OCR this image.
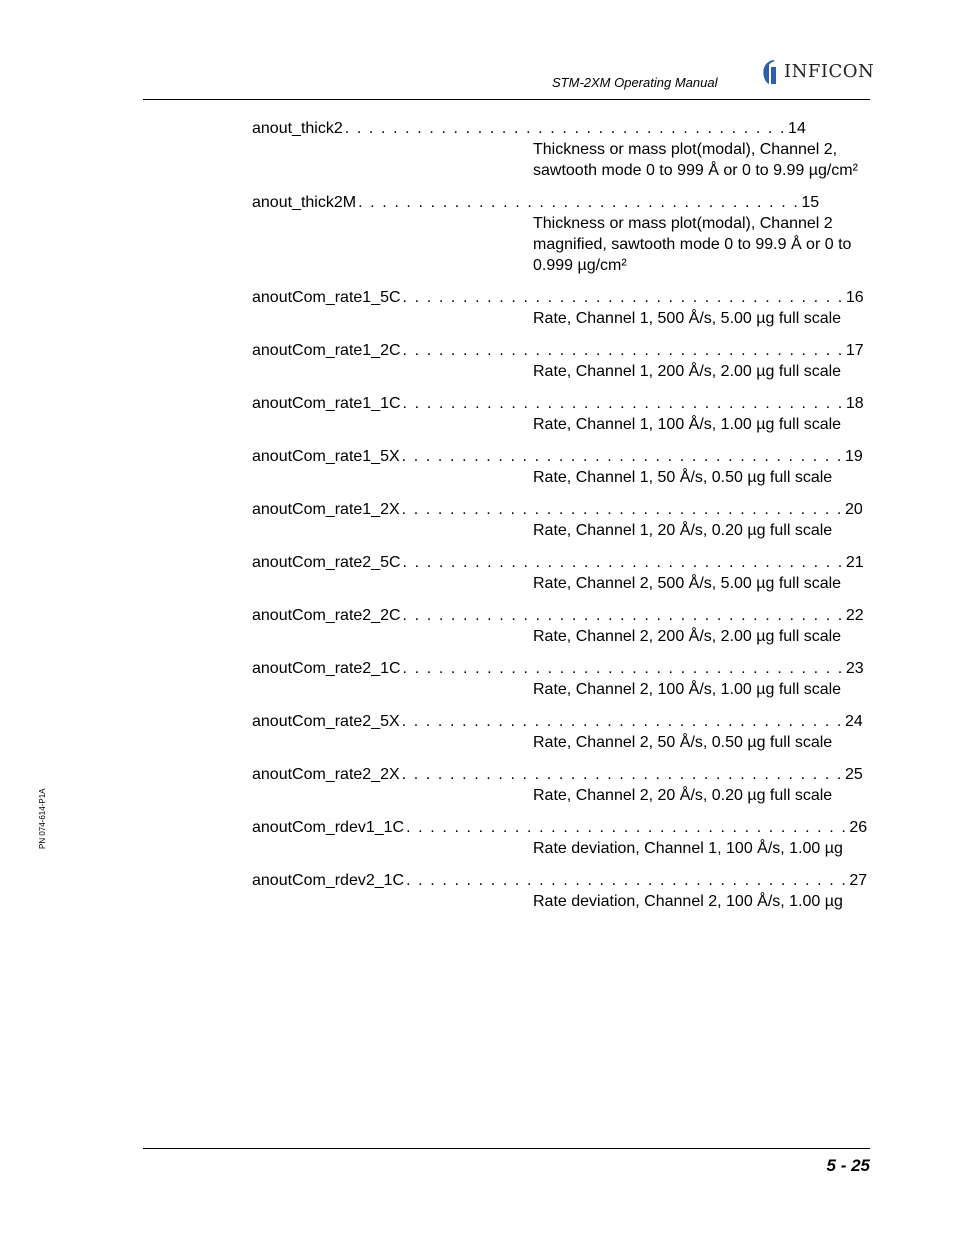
STM-2XM Operating Manual
INFICON
PN 074-614-P1A
anout_thick2 . . . . . . . . . . . . . . . . . . . . . . . . . . . . . . . . . . . . . 14
Thickness or mass plot(modal), Channel 2, sawtooth mode 0 to 999 Å or 0 to 9.99 µg/cm²
anout_thick2M . . . . . . . . . . . . . . . . . . . . . . . . . . . . . . . . . . . . . 15
Thickness or mass plot(modal), Channel 2 magnified, sawtooth mode 0 to 99.9 Å or 0 to 0.999 µg/cm²
anoutCom_rate1_5C . . . . . . . . . . . . . . . . . . . . . . . . . . . . . . . . . . . . . 16
Rate, Channel 1, 500 Å/s, 5.00 µg full scale
anoutCom_rate1_2C . . . . . . . . . . . . . . . . . . . . . . . . . . . . . . . . . . . . . 17
Rate, Channel 1, 200 Å/s, 2.00 µg full scale
anoutCom_rate1_1C . . . . . . . . . . . . . . . . . . . . . . . . . . . . . . . . . . . . . 18
Rate, Channel 1, 100 Å/s, 1.00 µg full scale
anoutCom_rate1_5X . . . . . . . . . . . . . . . . . . . . . . . . . . . . . . . . . . . . . 19
Rate, Channel 1, 50 Å/s, 0.50 µg full scale
anoutCom_rate1_2X . . . . . . . . . . . . . . . . . . . . . . . . . . . . . . . . . . . . . 20
Rate, Channel 1, 20 Å/s, 0.20 µg full scale
anoutCom_rate2_5C . . . . . . . . . . . . . . . . . . . . . . . . . . . . . . . . . . . . . 21
Rate, Channel 2, 500 Å/s, 5.00 µg full scale
anoutCom_rate2_2C . . . . . . . . . . . . . . . . . . . . . . . . . . . . . . . . . . . . . 22
Rate, Channel 2, 200 Å/s, 2.00 µg full scale
anoutCom_rate2_1C . . . . . . . . . . . . . . . . . . . . . . . . . . . . . . . . . . . . . 23
Rate, Channel 2, 100 Å/s, 1.00 µg full scale
anoutCom_rate2_5X . . . . . . . . . . . . . . . . . . . . . . . . . . . . . . . . . . . . . 24
Rate, Channel 2, 50 Å/s, 0.50 µg full scale
anoutCom_rate2_2X . . . . . . . . . . . . . . . . . . . . . . . . . . . . . . . . . . . . . 25
Rate, Channel 2, 20 Å/s, 0.20 µg full scale
anoutCom_rdev1_1C . . . . . . . . . . . . . . . . . . . . . . . . . . . . . . . . . . . . . 26
Rate deviation, Channel 1, 100 Å/s, 1.00 µg
anoutCom_rdev2_1C . . . . . . . . . . . . . . . . . . . . . . . . . . . . . . . . . . . . . 27
Rate deviation, Channel 2, 100 Å/s, 1.00 µg
5 - 25
